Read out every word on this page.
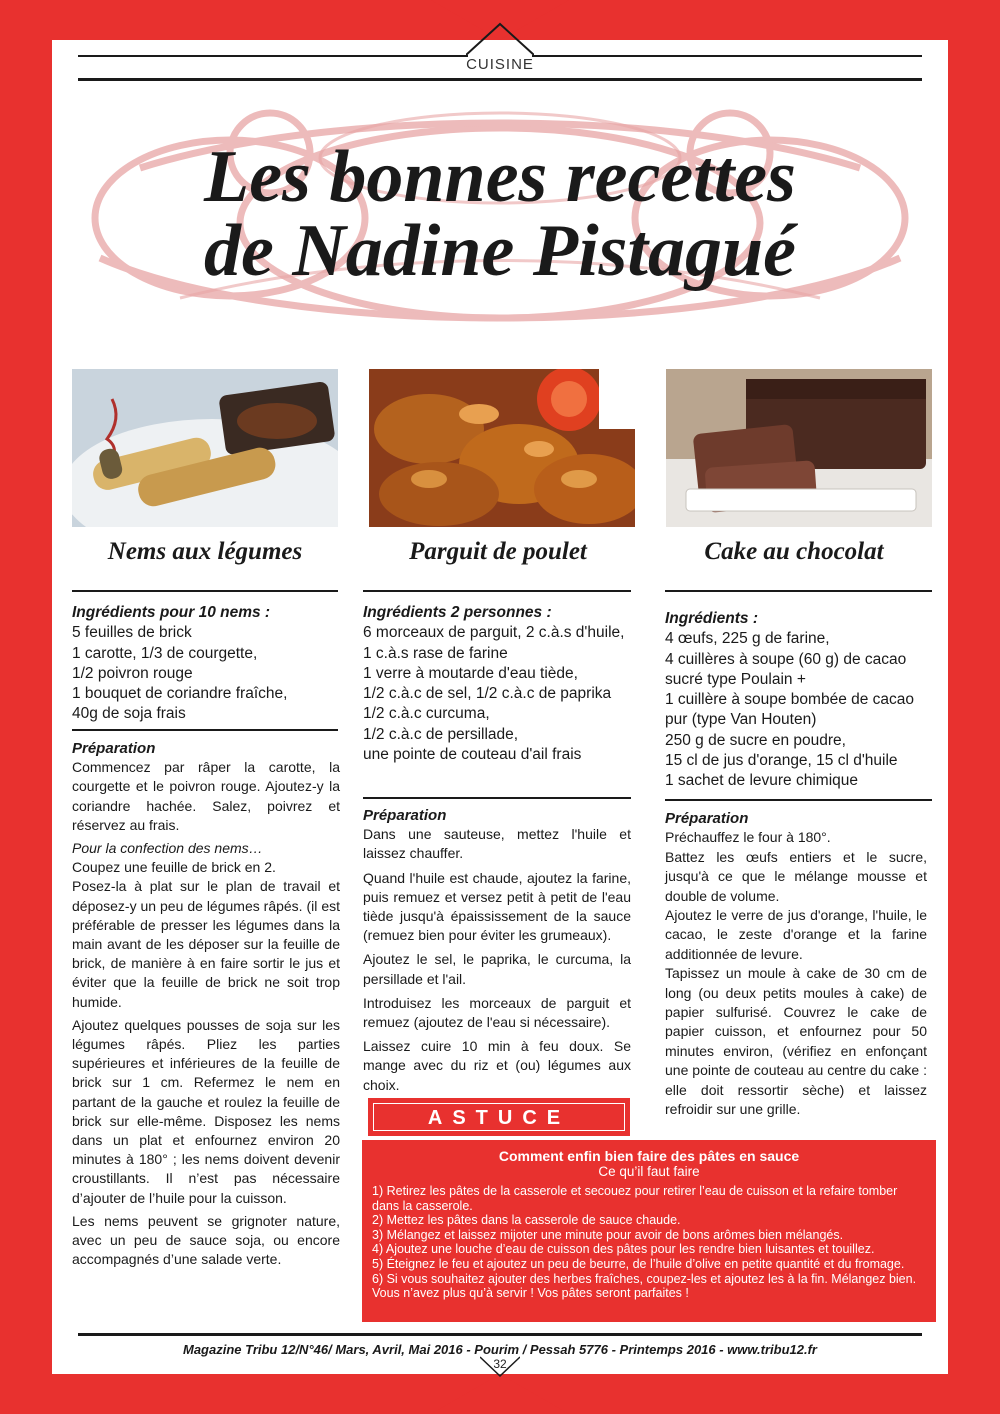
CUISINE
Les bonnes recettes
de Nadine Pistagué
Nems aux légumes	Parguit de poulet	Cake au chocolat

Ingrédients pour 10 nems :

5 feuilles de brick

1 carotte, 1/3 de courgette,

1/2 poivron rouge

1 bouquet de coriandre fraîche,

40g de soja frais

Préparation

Commencez par râper la carotte, la courgette et le poivron rouge. Ajoutez-y la coriandre hachée. Salez, poivrez et réservez au frais.

Pour la confection des nems…

Coupez une feuille de brick en 2.

Posez-la à plat sur le plan de travail et déposez-y un peu de légumes râpés. (il est préférable de presser les légumes dans la main avant de les déposer sur la feuille de brick, de manière à en faire sortir le jus et éviter que la feuille de brick ne soit trop humide.

Ajoutez quelques pousses de soja sur les légumes râpés. Pliez les parties supérieures et inférieures de la feuille de brick sur 1 cm. Refermez le nem en partant de la gauche et roulez la feuille de brick sur elle-même. Disposez les nems dans un plat et enfournez environ 20 minutes à 180° ; les nems doivent devenir croustillants. Il n’est pas nécessaire d’ajouter de l’huile pour la cuisson.

Les nems peuvent se grignoter nature, avec un peu de sauce soja, ou encore accompagnés d’une salade verte.

Ingrédients 2 personnes :

6 morceaux de parguit, 2 c.à.s d'huile, 1 c.à.s rase de farine

1 verre à moutarde d'eau tiède,

1/2 c.à.c de sel, 1/2 c.à.c de paprika

1/2 c.à.c curcuma,

1/2 c.à.c de persillade,

une pointe de couteau d'ail frais

Préparation

Dans une sauteuse, mettez l'huile et laissez chauffer.

Quand l'huile est chaude, ajoutez la farine, puis remuez et versez petit à petit de l'eau tiède jusqu'à épaississement de la sauce (remuez bien pour éviter les grumeaux).

Ajoutez le sel, le paprika, le curcuma, la persillade et l'ail.

Introduisez les morceaux de parguit et remuez (ajoutez de l'eau si nécessaire).

Laissez cuire 10 min à feu doux. Se mange avec du riz et (ou) légumes aux choix.

Ingrédients :

4 œufs, 225 g de farine,

4 cuillères à soupe (60 g) de cacao sucré type Poulain +

1 cuillère à soupe bombée de cacao pur (type Van Houten)

250 g de sucre en poudre,

15 cl de jus d'orange, 15 cl d'huile

1 sachet de levure chimique

Préparation

Préchauffez le four à 180°.

Battez les œufs entiers et le sucre, jusqu'à ce que le mélange mousse et double de volume.

Ajoutez le verre de jus d'orange, l'huile, le cacao, le zeste d'orange et la farine additionnée de levure.

Tapissez un moule à cake de 30 cm de long (ou deux petits moules à cake) de papier sulfurisé. Couvrez le cake de papier cuisson, et enfournez pour 50 minutes environ, (vérifiez en enfonçant une pointe de couteau au centre du cake : elle doit ressortir sèche) et laissez refroidir sur une grille.

ASTUCE
Comment enfin bien faire des pâtes en sauce
Ce qu’il faut faire
1) Retirez les pâtes de la casserole et secouez pour retirer l’eau de cuisson et la refaire tomber dans la casserole.
2) Mettez les pâtes dans la casserole de sauce chaude.
3) Mélangez et laissez mijoter une minute pour avoir de bons arômes bien mélangés.
4) Ajoutez une louche d’eau de cuisson des pâtes pour les rendre bien luisantes et touillez.
5) Éteignez le feu et ajoutez un peu de beurre, de l’huile d’olive en petite quantité et du fromage.
6) Si vous souhaitez ajouter des herbes fraîches, coupez-les et ajoutez les à la fin. Mélangez bien. Vous n’avez plus qu’à servir ! Vos pâtes seront parfaites !
Magazine Tribu 12/N°46/ Mars, Avril, Mai 2016 - Pourim / Pessah 5776 - Printemps 2016 - www.tribu12.fr
32
